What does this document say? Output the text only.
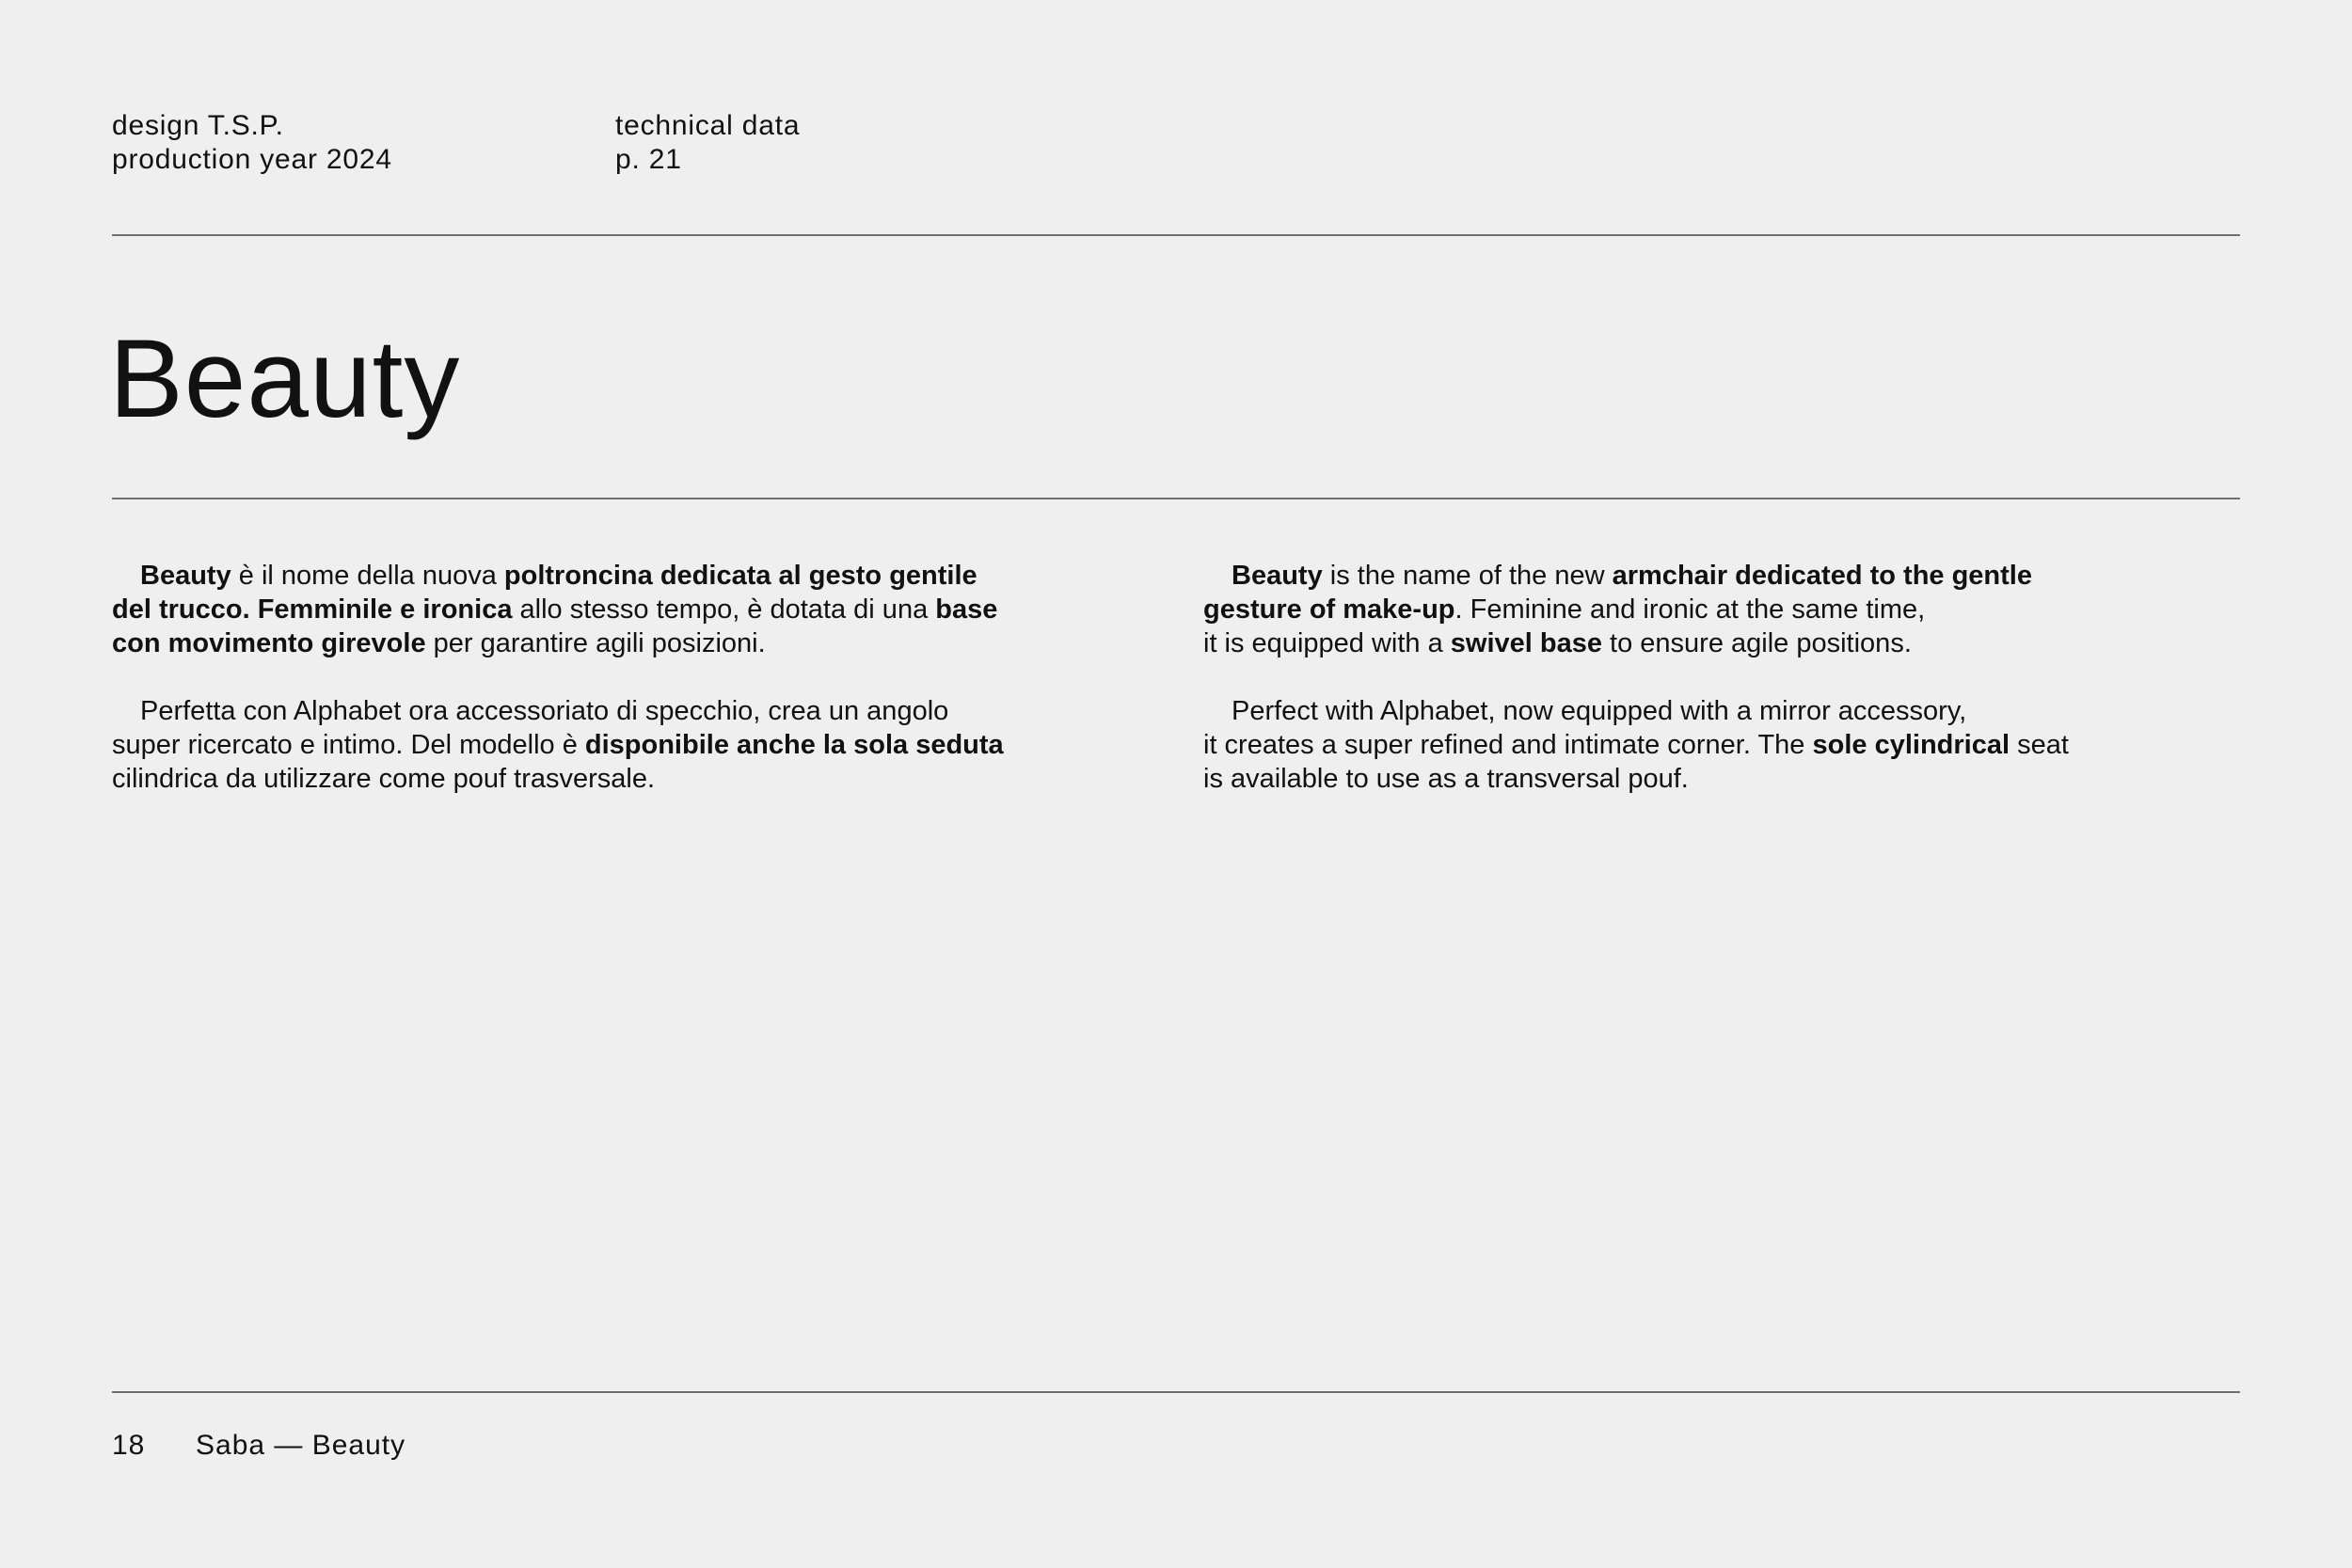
design T.S.P.
production year 2024
technical data
p. 21
Beauty

Beauty è il nome della nuova poltroncina dedicata al gesto gentile
del trucco. Femminile e ironica allo stesso tempo, è dotata di una base
con movimento girevole per garantire agili posizioni.

Perfetta con Alphabet ora accessoriato di specchio, crea un angolo
super ricercato e intimo. Del modello è disponibile anche la sola seduta
cilindrica da utilizzare come pouf trasversale.

Beauty is the name of the new armchair dedicated to the gentle
gesture of make-up. Feminine and ironic at the same time,
it is equipped with a swivel base to ensure agile positions.

Perfect with Alphabet, now equipped with a mirror accessory,
it creates a super refined and intimate corner. The sole cylindrical seat
is available to use as a transversal pouf.

18 Saba — Beauty
